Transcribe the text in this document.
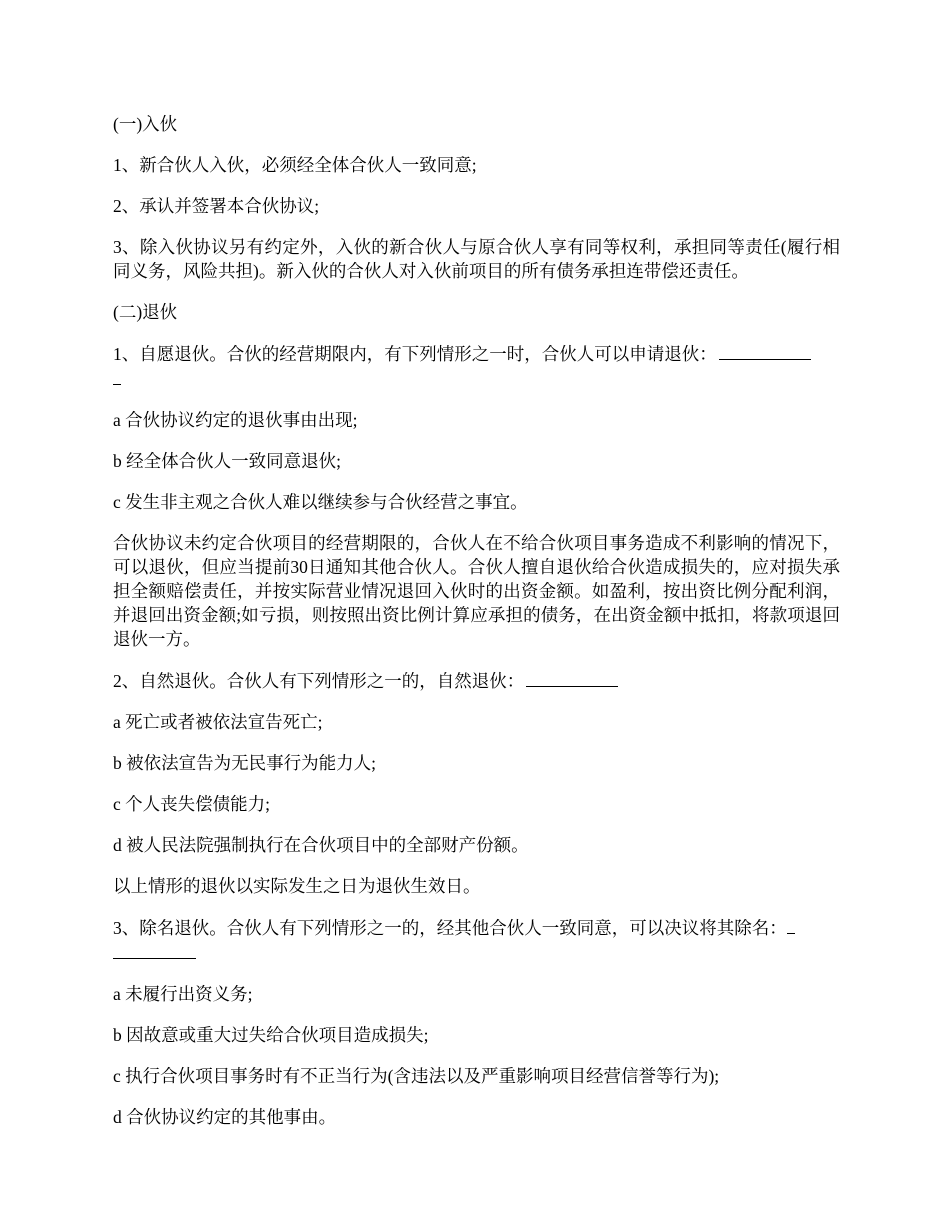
(一)入伙

1、新合伙人入伙，必须经全体合伙人一致同意;

2、承认并签署本合伙协议;

3、除入伙协议另有约定外，入伙的新合伙人与原合伙人享有同等权利，承担同等责任(履行相同义务，风险共担)。新入伙的合伙人对入伙前项目的所有债务承担连带偿还责任。

(二)退伙

1、自愿退伙。合伙的经营期限内，有下列情形之一时，合伙人可以申请退伙：

a 合伙协议约定的退伙事由出现;

b 经全体合伙人一致同意退伙;

c 发生非主观之合伙人难以继续参与合伙经营之事宜。

合伙协议未约定合伙项目的经营期限的，合伙人在不给合伙项目事务造成不利影响的情况下，可以退伙，但应当提前30日通知其他合伙人。合伙人擅自退伙给合伙造成损失的，应对损失承担全额赔偿责任，并按实际营业情况退回入伙时的出资金额。如盈利，按出资比例分配利润，并退回出资金额;如亏损，则按照出资比例计算应承担的债务，在出资金额中抵扣，将款项退回退伙一方。

2、自然退伙。合伙人有下列情形之一的，自然退伙：

a 死亡或者被依法宣告死亡;

b 被依法宣告为无民事行为能力人;

c 个人丧失偿债能力;

d 被人民法院强制执行在合伙项目中的全部财产份额。

以上情形的退伙以实际发生之日为退伙生效日。

3、除名退伙。合伙人有下列情形之一的，经其他合伙人一致同意，可以决议将其除名：

a 未履行出资义务;

b 因故意或重大过失给合伙项目造成损失;

c 执行合伙项目事务时有不正当行为(含违法以及严重影响项目经营信誉等行为);

d 合伙协议约定的其他事由。
